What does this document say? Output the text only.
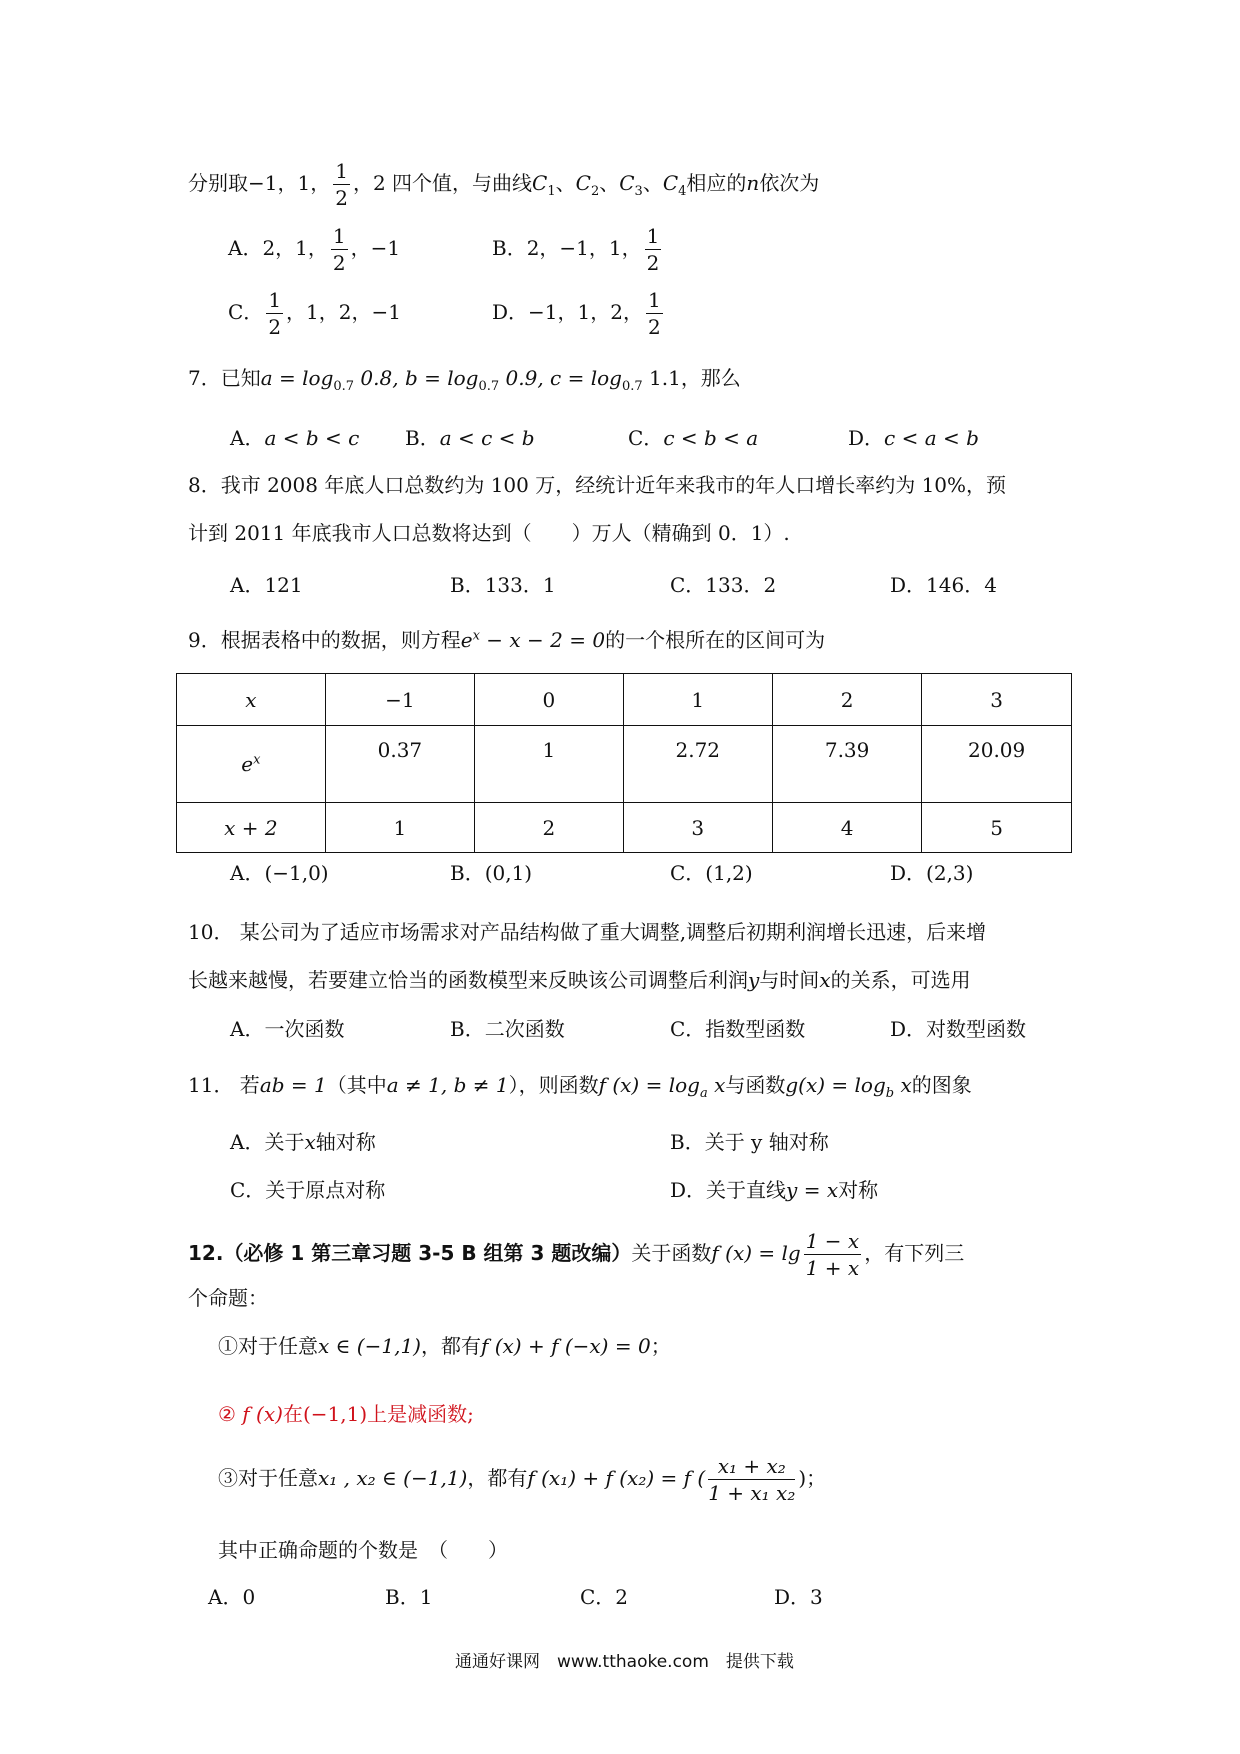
分别取−1，1， $\frac{1}{2}$ ，2 四个值，与曲线$C_1$、$C_2$、$C_3$、$C_4$相应的n依次为
A．2，1， $\frac{1}{2}$ ，−1	B．2，−1，1， $\frac{1}{2}$
C． $\frac{1}{2}$ ，1，2，−1	D．−1，1，2， $\frac{1}{2}$
7．已知$a = \log_{0.7} 0.8$, $b = \log_{0.7} 0.9$, $c = \log_{0.7} 1.1$，那么
A．a < b < c B．a < c < b	C．c < b < a	D．c < a < b
8．我市 2008 年底人口总数约为 100 万，经统计近年来我市的年人口增长率约为 10%，预
计到 2011 年底我市人口总数将达到（　　）万人（精确到 0．1）.
A．121	B．133．1	C．133．2	D．146．4
9．根据表格中的数据，则方程$e^x - x - 2 = 0$的一个根所在的区间可为
x	−1	0	1	2	3
$e^x$	0.37	1	2.72	7.39	20.09
x + 2	1	2	3	4	5
A．(−1,0)	B．(0,1)	C．(1,2)	D．(2,3)
10． 某公司为了适应市场需求对产品结构做了重大调整,调整后初期利润增长迅速，后来增
长越来越慢，若要建立恰当的函数模型来反映该公司调整后利润y与时间x的关系，可选用
A．一次函数	B．二次函数	C．指数型函数	D．对数型函数
11． 若ab = 1（其中a ≠ 1, b ≠ 1），则函数f $(x) = \log_a x$与函数$g(x) = \log_b x$的图象
A．关于x轴对称	B．关于 y 轴对称
C．关于原点对称	D．关于直线y = x对称
12.（必修 1 第三章习题 3-5 B 组第 3 题改编）关于函数f $(x) = \lg \frac{1 - x}{1 + x}$ ，有下列三
个命题：
①对于任意x ∈ (−1,1)，都有f (x) + f (−x) = 0；
② f (x)在(−1,1)上是减函数;
③对于任意x₁ , x₂ ∈ (−1,1)，都有f (x₁) + f (x₂) = f ( $\frac{\text{x₁ + x₂}}{\text{1 + x₁ x₂}}$ )；
其中正确命题的个数是　（　　）
A．0	B．1	C．2	D．3
通通好课网　www.tthaoke.com　提供下载
